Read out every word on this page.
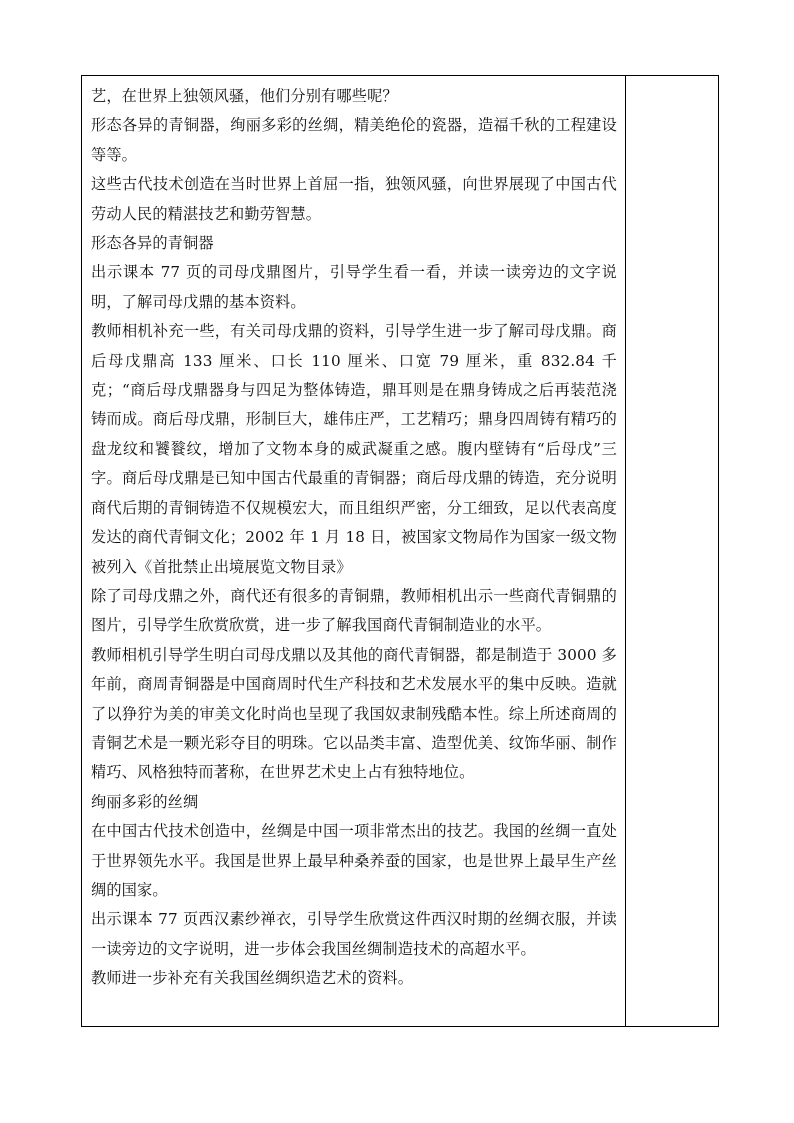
艺，在世界上独领风骚，他们分别有哪些呢？

形态各异的青铜器，绚丽多彩的丝绸，精美绝伦的瓷器，造福千秋的工程建设等等。

这些古代技术创造在当时世界上首屈一指，独领风骚，向世界展现了中国古代劳动人民的精湛技艺和勤劳智慧。

形态各异的青铜器

出示课本 77 页的司母戊鼎图片，引导学生看一看，并读一读旁边的文字说明，了解司母戊鼎的基本资料。

教师相机补充一些，有关司母戊鼎的资料，引导学生进一步了解司母戊鼎。商后母戊鼎高 133 厘米、口长 110 厘米、口宽 79 厘米，重 832.84 千克；“商后母戊鼎器身与四足为整体铸造，鼎耳则是在鼎身铸成之后再装范浇铸而成。商后母戊鼎，形制巨大，雄伟庄严，工艺精巧；鼎身四周铸有精巧的盘龙纹和饕餮纹，增加了文物本身的威武凝重之感。腹内壁铸有“后母戊”三字。商后母戊鼎是已知中国古代最重的青铜器；商后母戊鼎的铸造，充分说明商代后期的青铜铸造不仅规模宏大，而且组织严密，分工细致，足以代表高度发达的商代青铜文化；2002 年 1 月 18 日，被国家文物局作为国家一级文物被列入《首批禁止出境展览文物目录》

除了司母戊鼎之外，商代还有很多的青铜鼎，教师相机出示一些商代青铜鼎的图片，引导学生欣赏欣赏，进一步了解我国商代青铜制造业的水平。

教师相机引导学生明白司母戊鼎以及其他的商代青铜器，都是制造于 3000 多年前，商周青铜器是中国商周时代生产科技和艺术发展水平的集中反映。造就了以狰狞为美的审美文化时尚也呈现了我国奴隶制残酷本性。综上所述商周的青铜艺术是一颗光彩夺目的明珠。它以品类丰富、造型优美、纹饰华丽、制作精巧、风格独特而著称，在世界艺术史上占有独特地位。

绚丽多彩的丝绸

在中国古代技术创造中，丝绸是中国一项非常杰出的技艺。我国的丝绸一直处于世界领先水平。我国是世界上最早种桑养蚕的国家，也是世界上最早生产丝绸的国家。

出示课本 77 页西汉素纱禅衣，引导学生欣赏这件西汉时期的丝绸衣服，并读一读旁边的文字说明，进一步体会我国丝绸制造技术的高超水平。

教师进一步补充有关我国丝绸织造艺术的资料。
